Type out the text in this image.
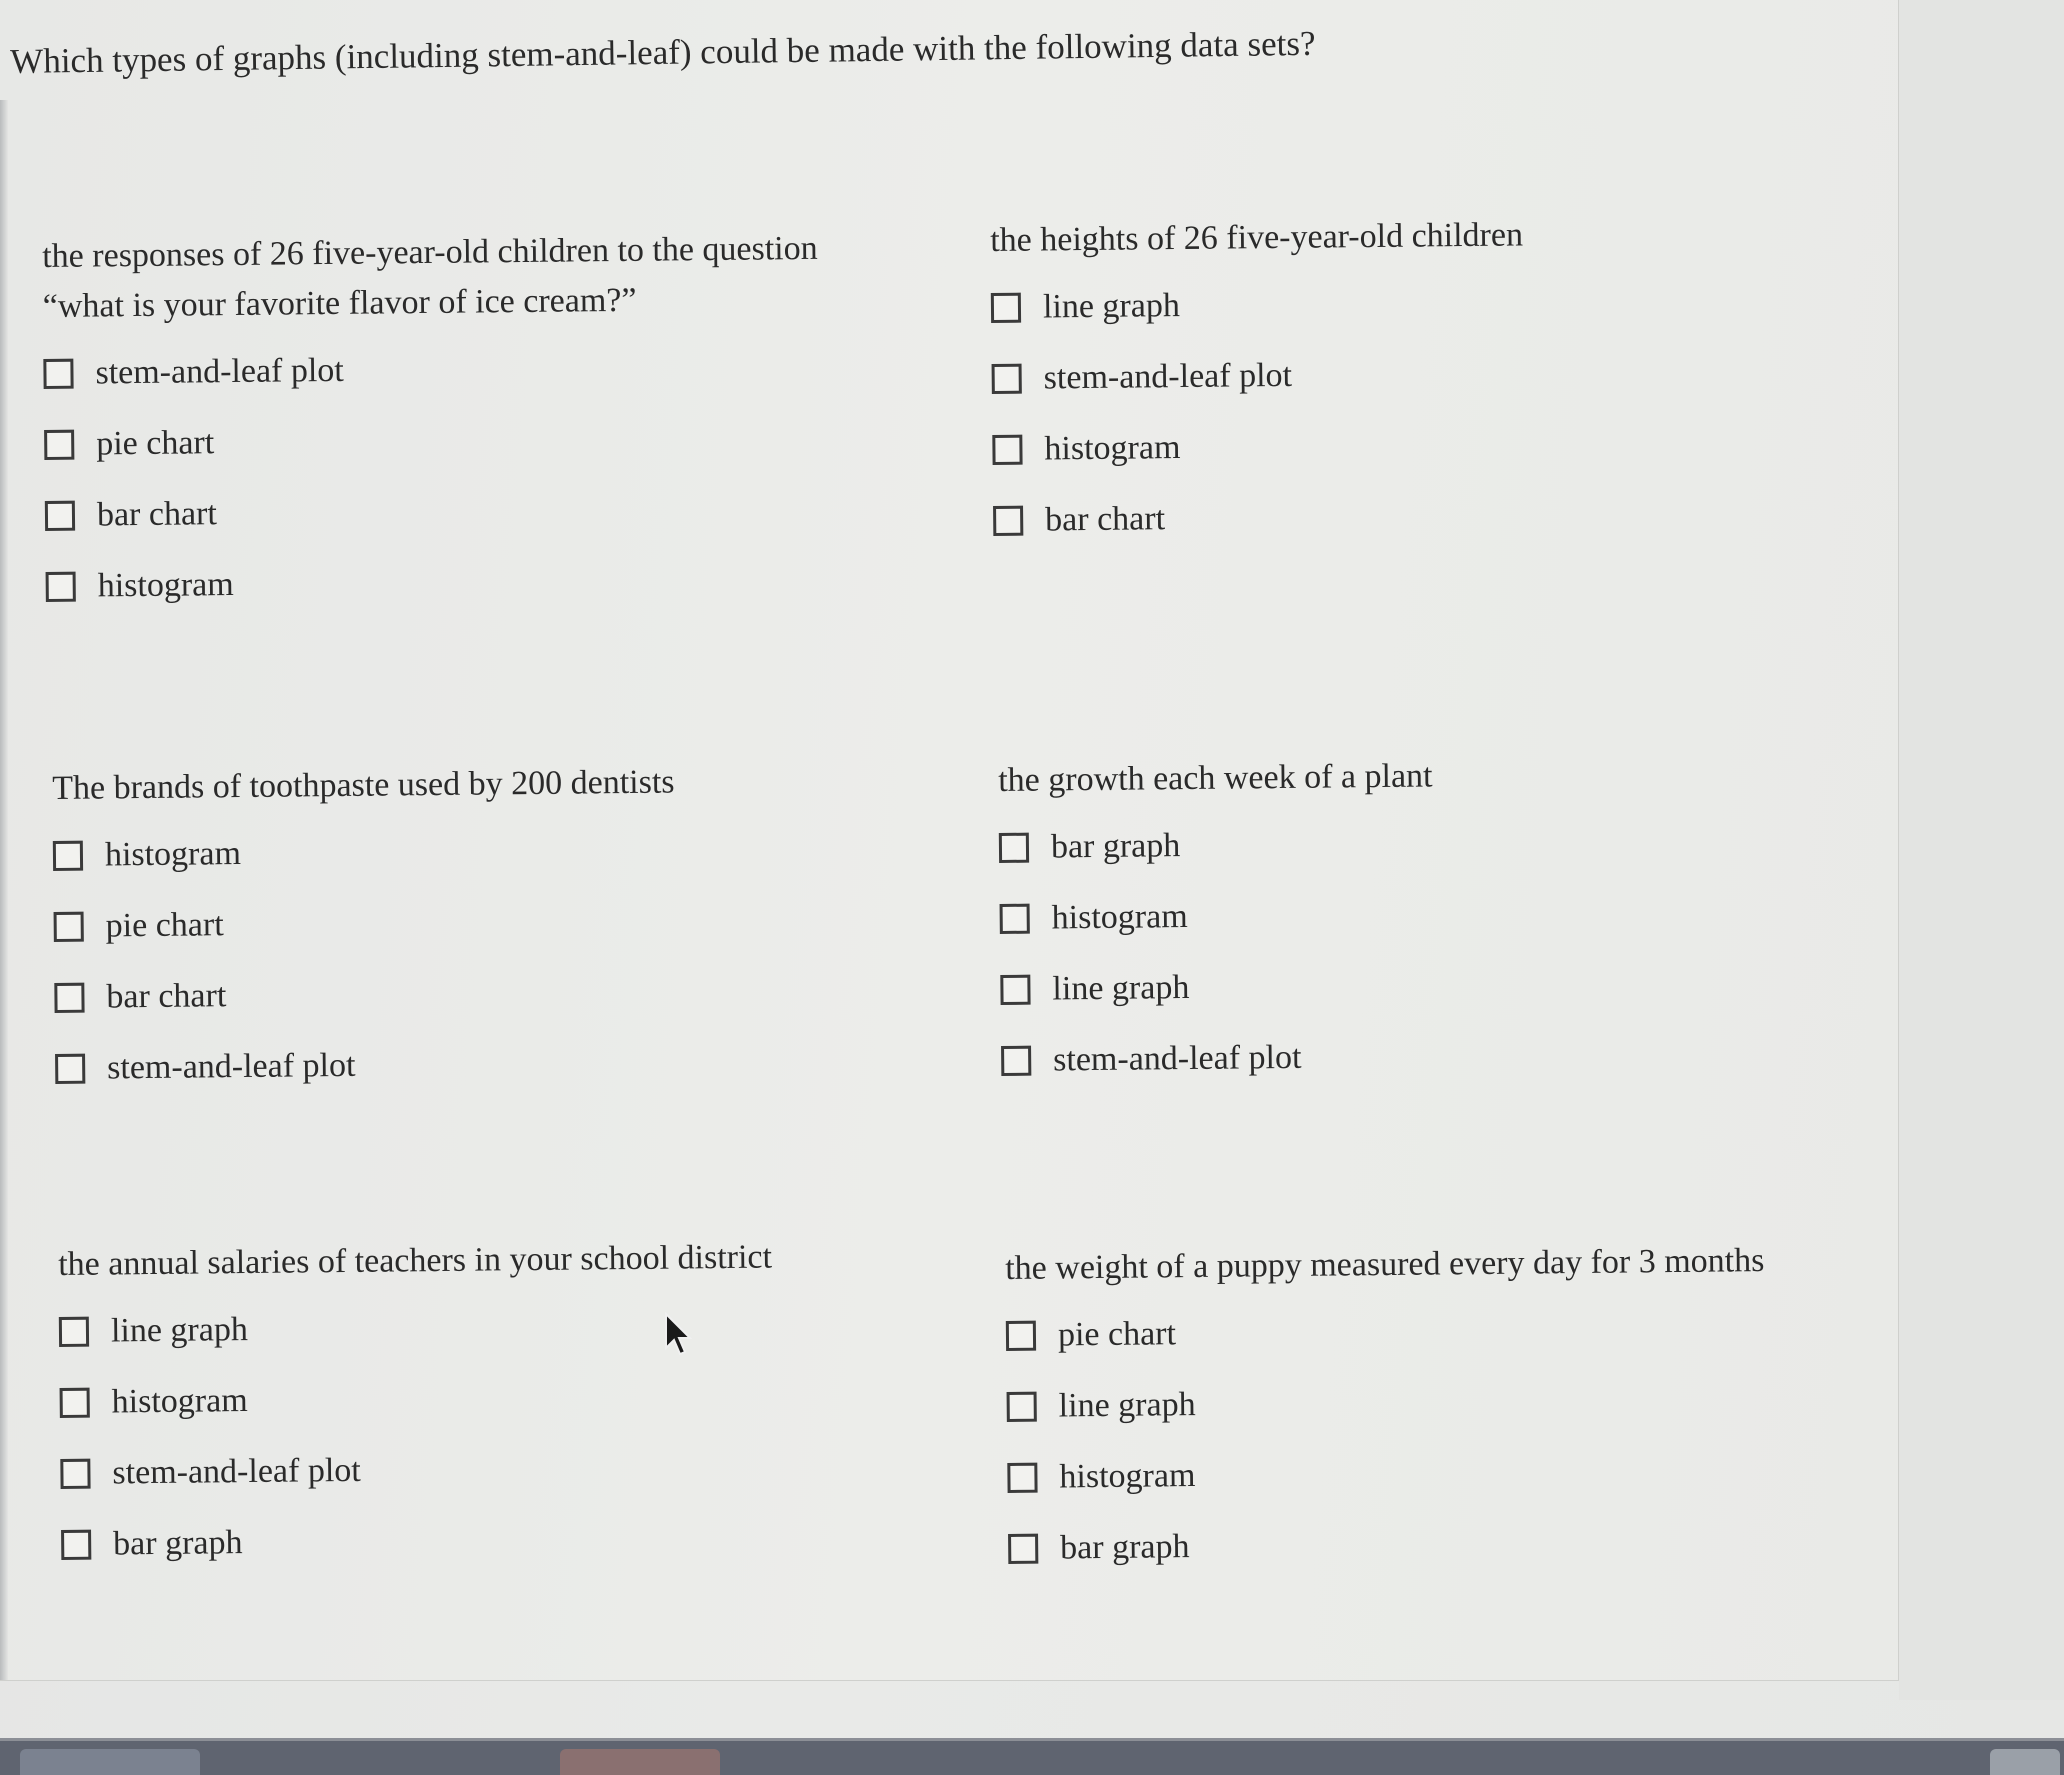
Which types of graphs (including stem-and-leaf) could be made with the following data sets?
the responses of 26 five-year-old children to the question
“what is your favorite flavor of ice cream?”
stem-and-leaf plot
pie chart
bar chart
histogram
the heights of 26 five-year-old children
line graph
stem-and-leaf plot
histogram
bar chart
The brands of toothpaste used by 200 dentists
histogram
pie chart
bar chart
stem-and-leaf plot
the growth each week of a plant
bar graph
histogram
line graph
stem-and-leaf plot
the annual salaries of teachers in your school district
line graph
histogram
stem-and-leaf plot
bar graph
the weight of a puppy measured every day for 3 months
pie chart
line graph
histogram
bar graph
